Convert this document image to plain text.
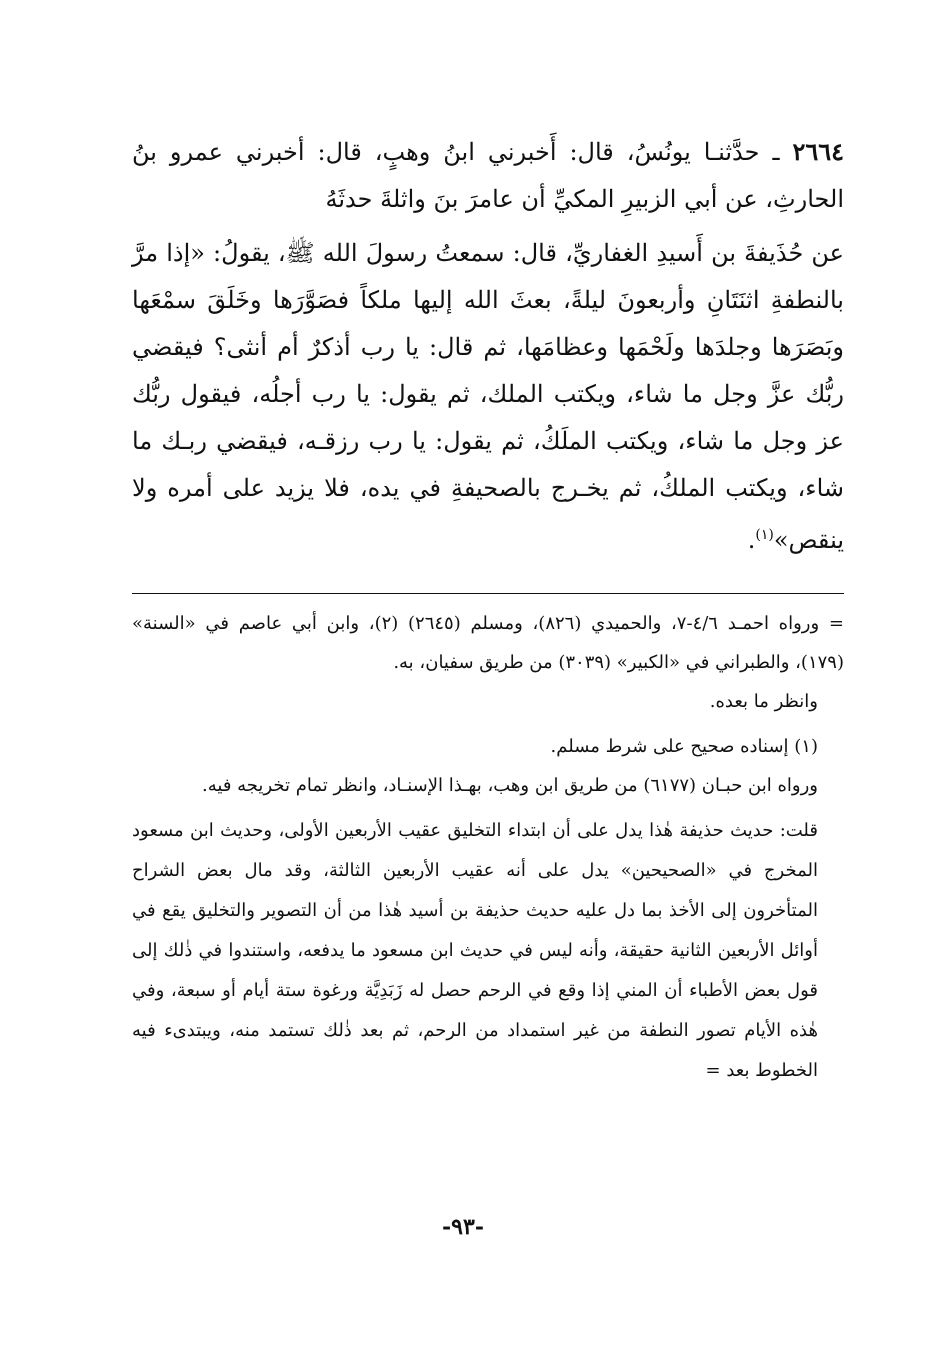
٢٦٦٤ ـ حدَّثنـا يونُسُ، قال: أَخبرني ابنُ وهبٍ، قال: أخبرني عمرو بنُ الحارثِ، عن أبي الزبيرِ المكيِّ أن عامرَ بنَ واثلةَ حدثَهُ

عن حُذَيفةَ بن أَسيدِ الغفاريِّ، قال: سمعتُ رسولَ الله ﷺ، يقولُ: «إذا مرَّ بالنطفةِ اثنَتَانِ وأربعونَ ليلةً، بعثَ الله إليها ملكاً فصَوَّرَها وخَلَقَ سمْعَها وبَصَرَها وجلدَها ولَحْمَها وعظامَها، ثم قال: يا رب أذكرٌ أم أنثى؟ فيقضي ربُّك عزَّ وجل ما شاء، ويكتب الملك، ثم يقول: يا رب أجلُه، فيقول ربُّك عز وجل ما شاء، ويكتب الملَكُ، ثم يقول: يا رب رزقـه، فيقضي ربـك ما شاء، ويكتب الملكُ، ثم يخـرج بالصحيفةِ في يده، فلا يزيد على أمره ولا ينقص»$^{(١)}$.

= ورواه احمـد ٤/٦-٧، والحميدي (٨٢٦)، ومسلم (٢٦٤٥) (٢)، وابن أبي عاصم في «السنة» (١٧٩)، والطبراني في «الكبير» (٣٠٣٩) من طريق سفيان، به.

وانظر ما بعده.

(١) إسناده صحيح على شرط مسلم.

ورواه ابن حبـان (٦١٧٧) من طريق ابن وهب، بهـذا الإسنـاد، وانظر تمام تخريجه فيه.

قلت: حديث حذيفة هٰذا يدل على أن ابتداء التخليق عقيب الأربعين الأولى، وحديث ابن مسعود المخرج في «الصحيحين» يدل على أنه عقيب الأربعين الثالثة، وقد مال بعض الشراح المتأخرون إلى الأخذ بما دل عليه حديث حذيفة بن أسيد هٰذا من أن التصوير والتخليق يقع في أوائل الأربعين الثانية حقيقة، وأنه ليس في حديث ابن مسعود ما يدفعه، واستندوا في ذٰلك إلى قول بعض الأطباء أن المني إذا وقع في الرحم حصل له زَبَدِيَّة ورغوة ستة أيام أو سبعة، وفي هٰذه الأيام تصور النطفة من غير استمداد من الرحم، ثم بعد ذٰلك تستمد منه، ويبتدىء فيه الخطوط بعد =

-٩٣-
